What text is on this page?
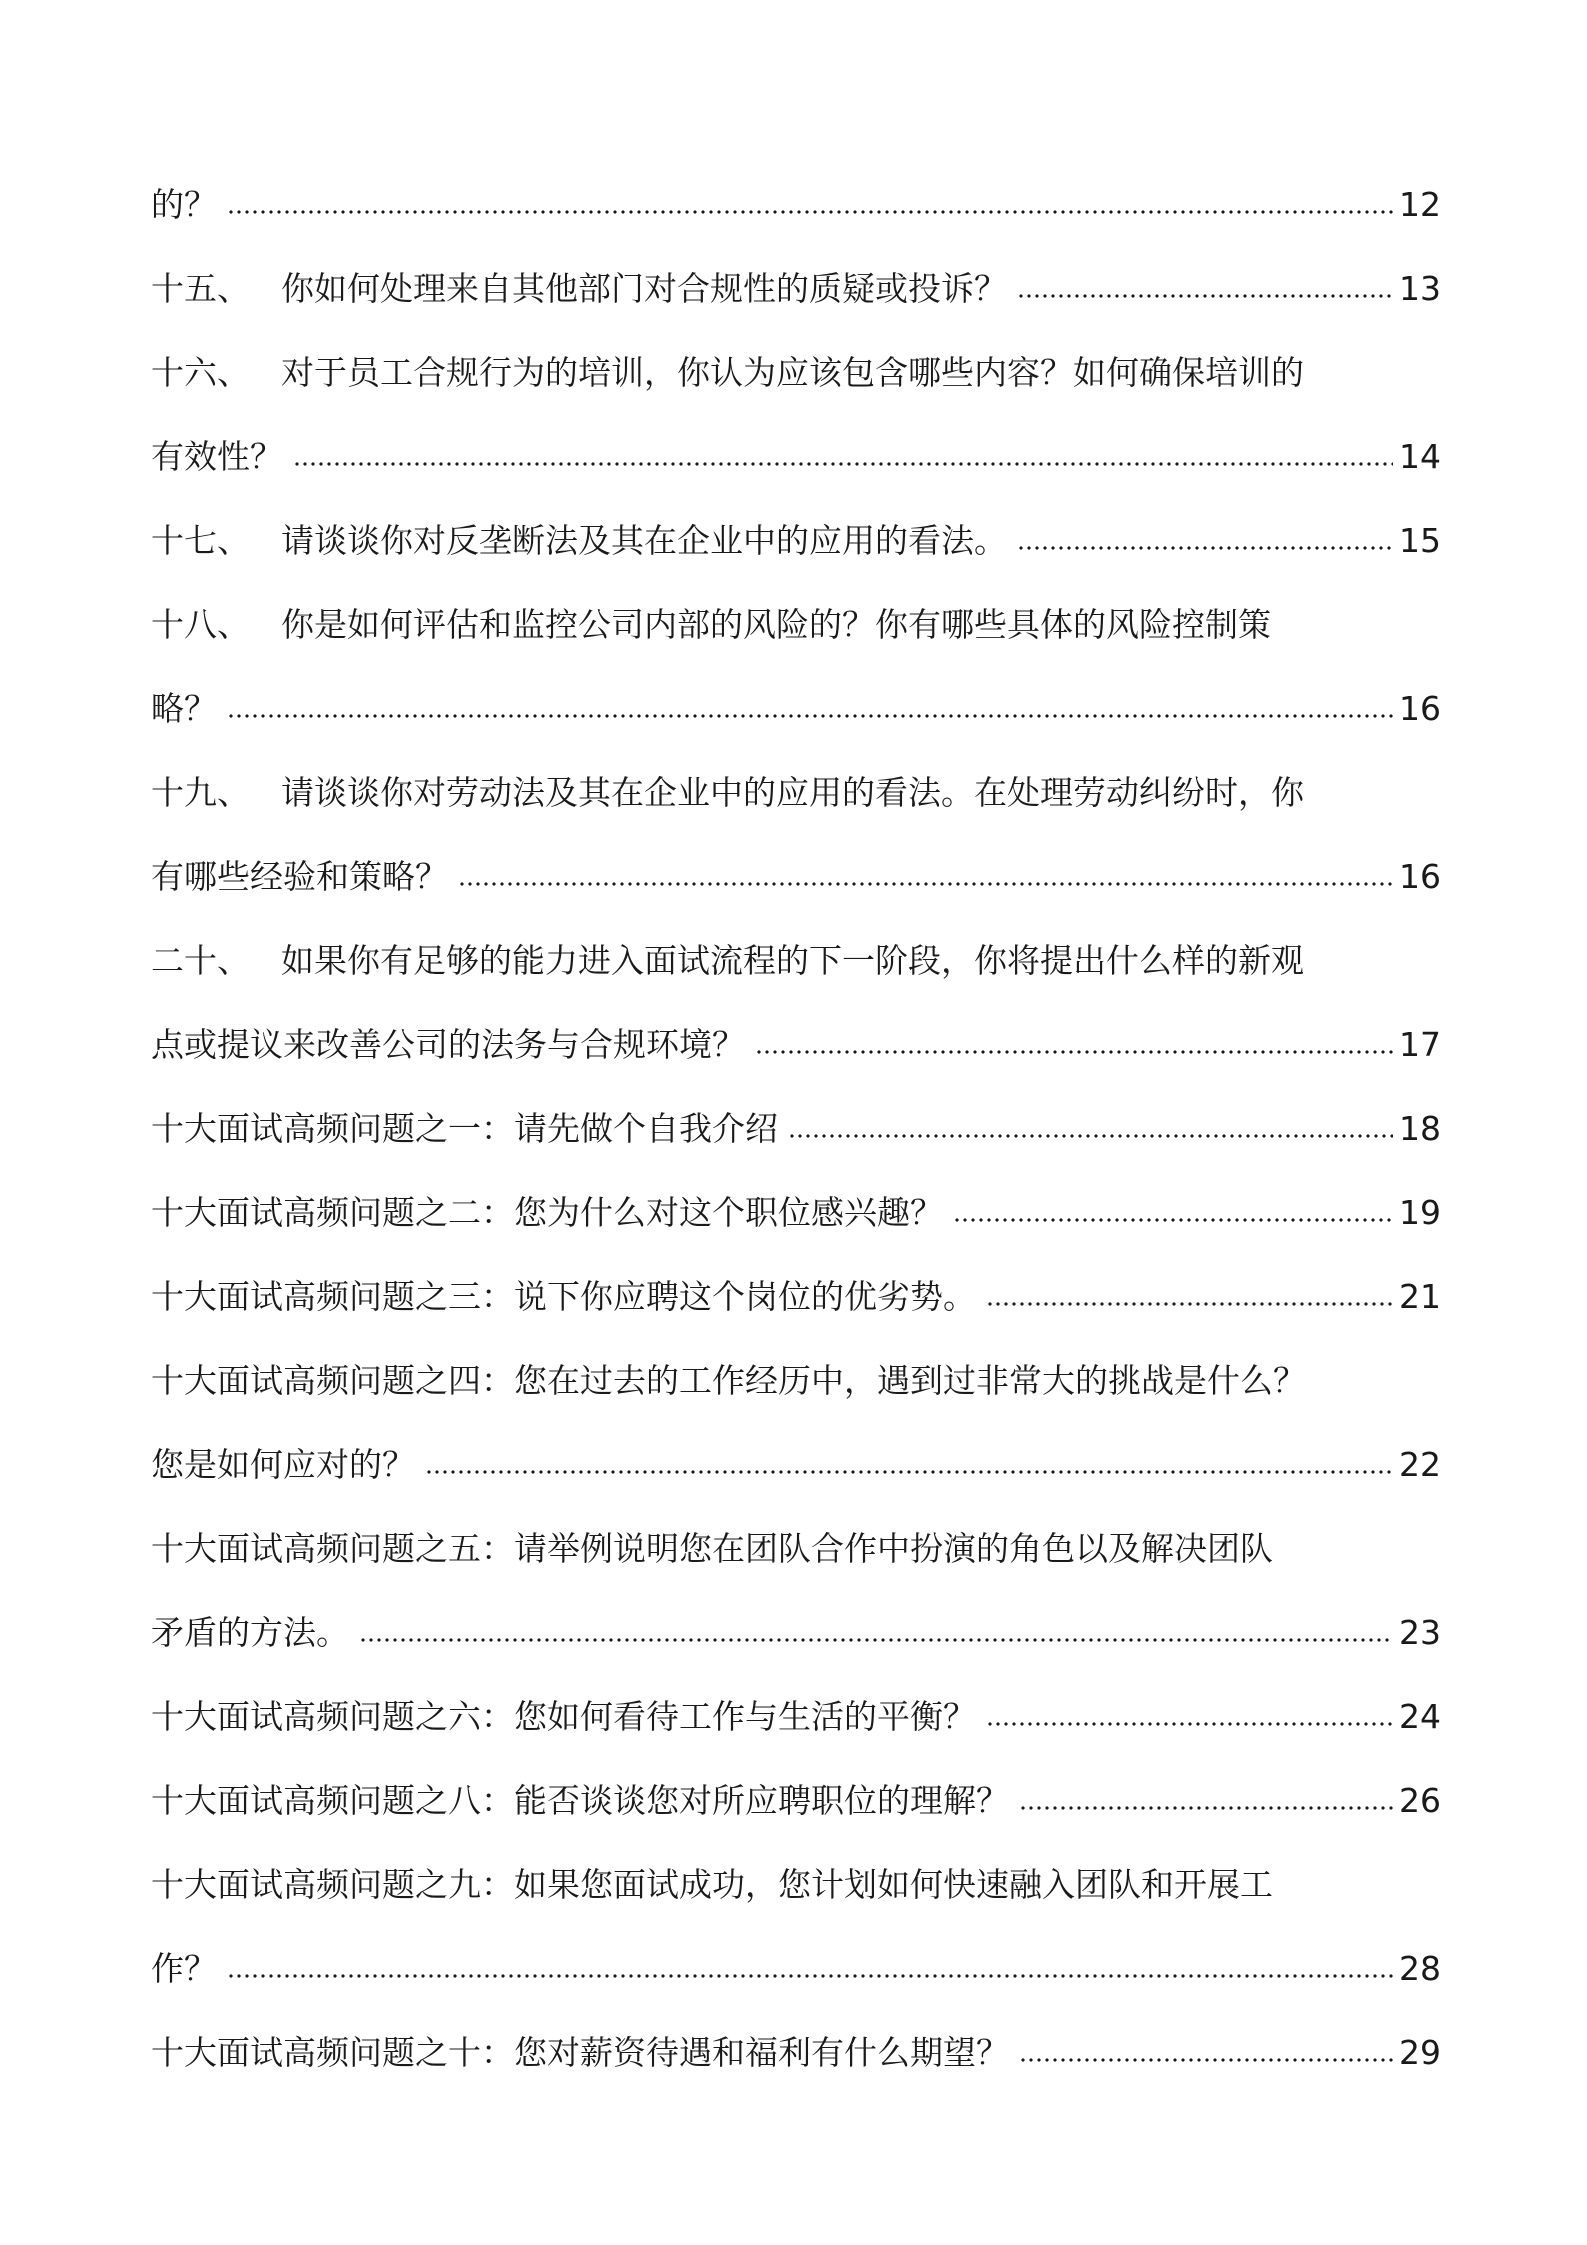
的？	12
十五、 你如何处理来自其他部门对合规性的质疑或投诉？	13
十六、 对于员工合规行为的培训，你认为应该包含哪些内容？如何确保培训的
有效性？	14
十七、 请谈谈你对反垄断法及其在企业中的应用的看法。	15
十八、 你是如何评估和监控公司内部的风险的？你有哪些具体的风险控制策
略？	16
十九、 请谈谈你对劳动法及其在企业中的应用的看法。在处理劳动纠纷时，你
有哪些经验和策略？	16
二十、 如果你有足够的能力进入面试流程的下一阶段，你将提出什么样的新观
点或提议来改善公司的法务与合规环境？	17
十大面试高频问题之一：请先做个自我介绍	18
十大面试高频问题之二：您为什么对这个职位感兴趣？	19
十大面试高频问题之三：说下你应聘这个岗位的优劣势。	21
十大面试高频问题之四：您在过去的工作经历中，遇到过非常大的挑战是什么？
您是如何应对的？	22
十大面试高频问题之五：请举例说明您在团队合作中扮演的角色以及解决团队
矛盾的方法。	23
十大面试高频问题之六：您如何看待工作与生活的平衡？	24
十大面试高频问题之八：能否谈谈您对所应聘职位的理解？	26
十大面试高频问题之九：如果您面试成功，您计划如何快速融入团队和开展工
作？	28
十大面试高频问题之十：您对薪资待遇和福利有什么期望？	29
